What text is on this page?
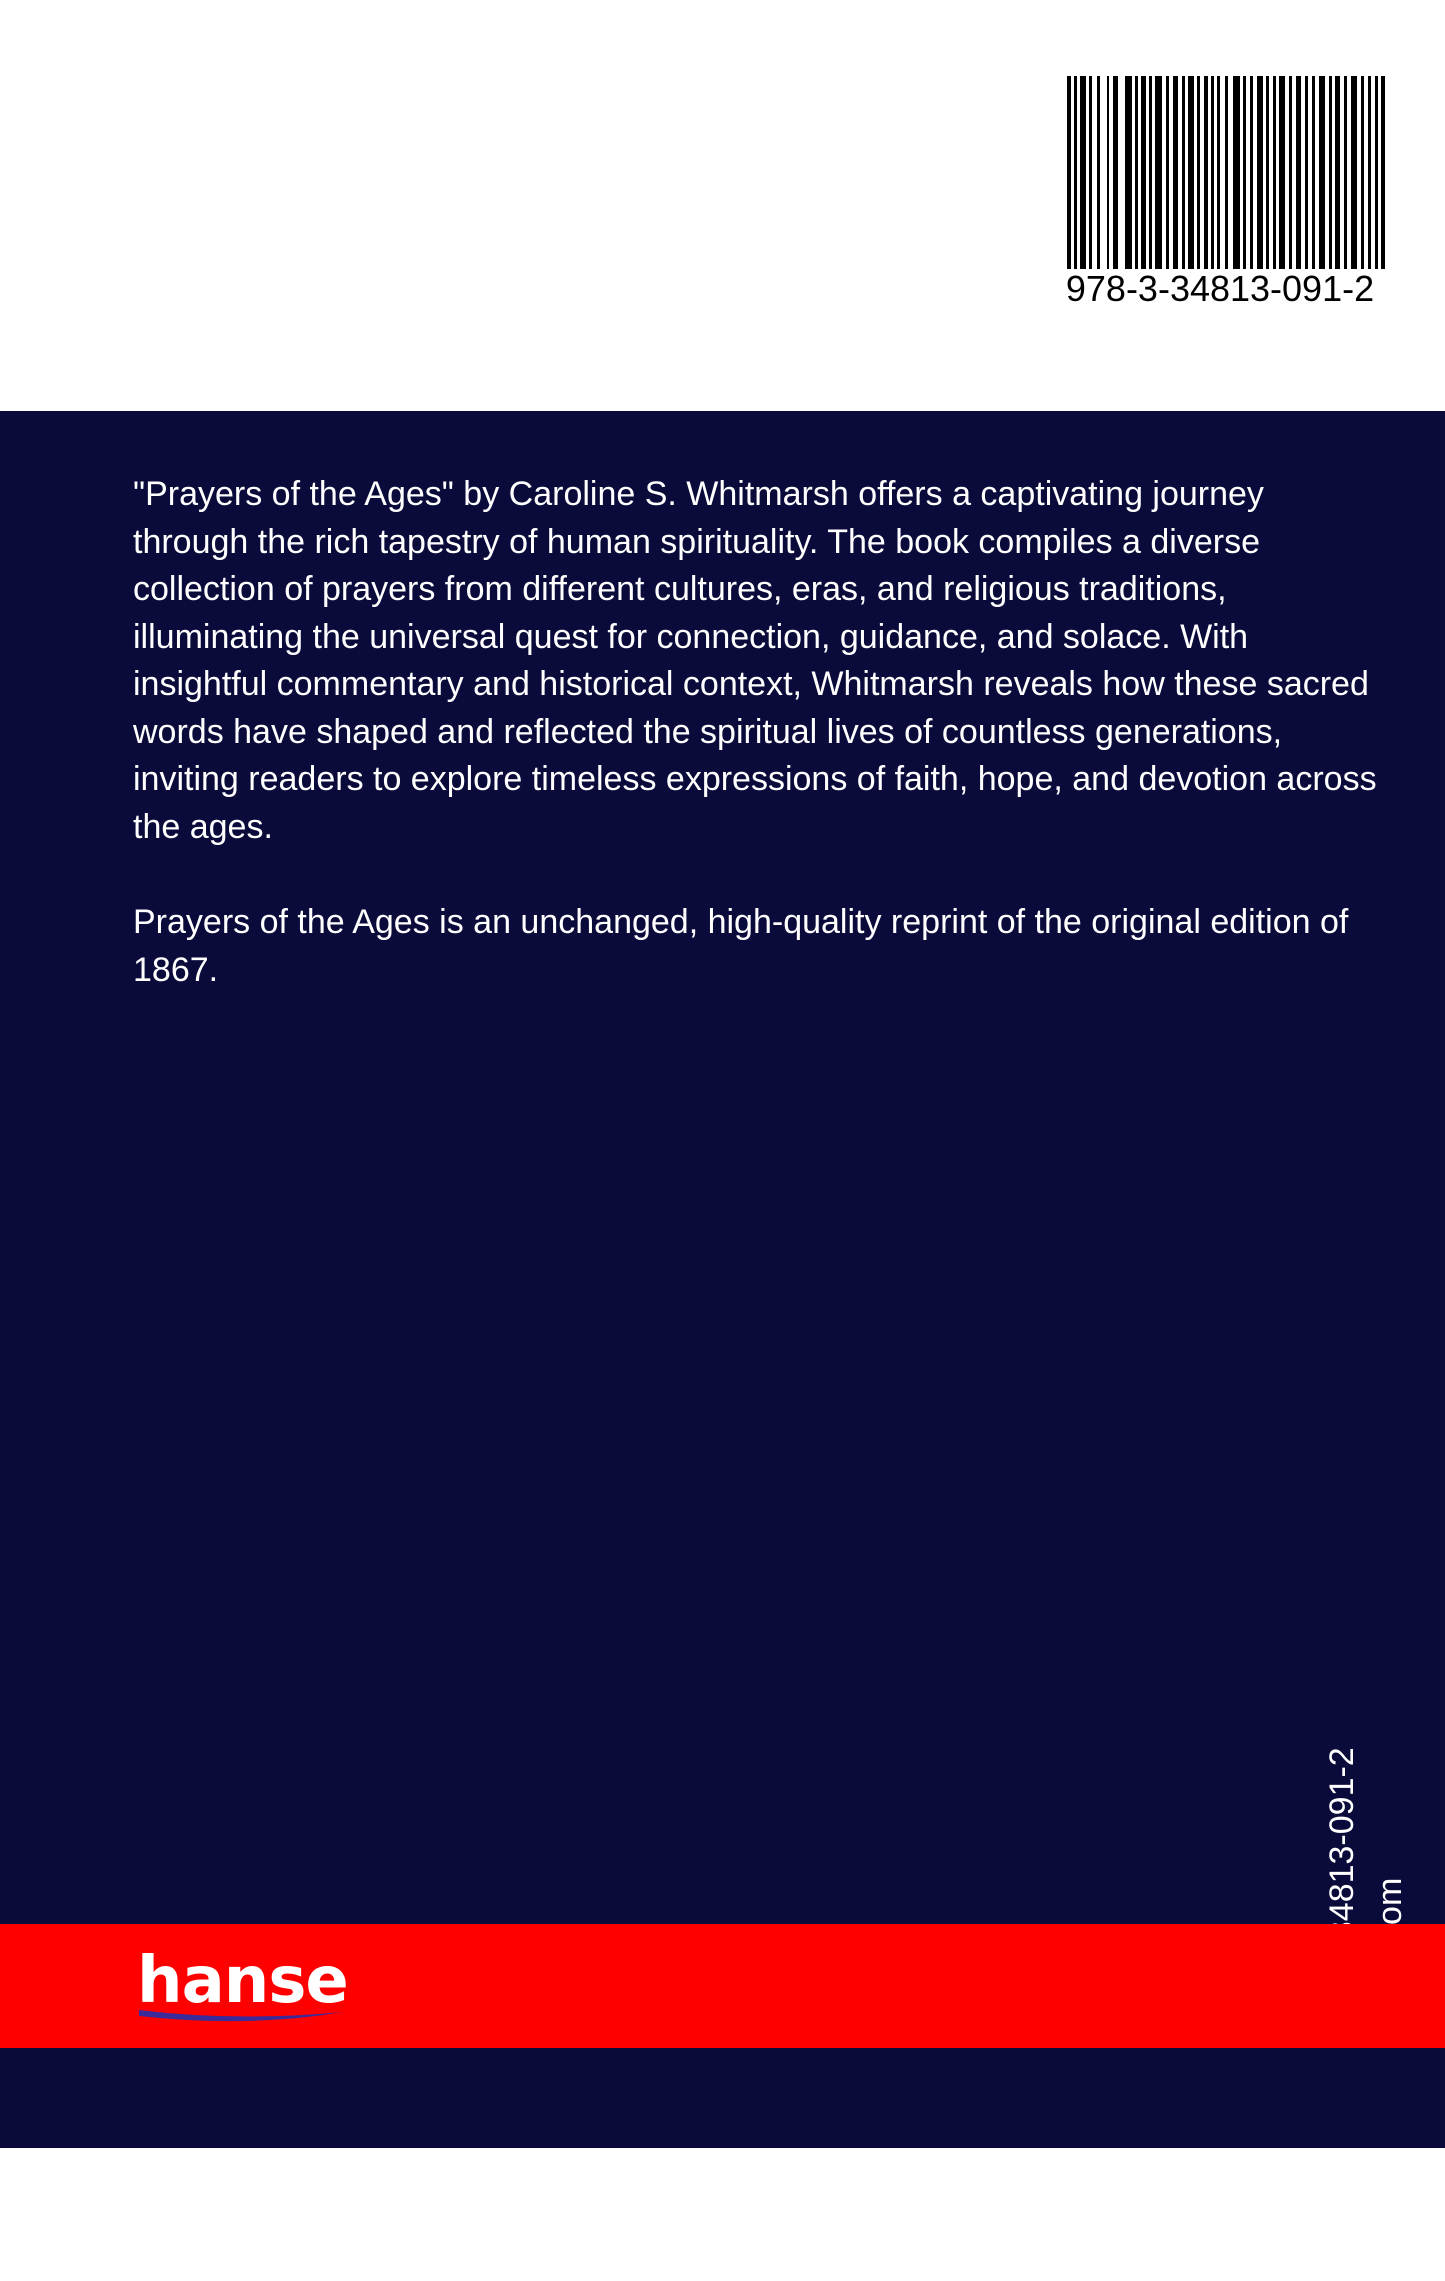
978-3-34813-091-2

"Prayers of the Ages" by Caroline S. Whitmarsh offers a captivating journey through the rich tapestry of human spirituality. The book compiles a diverse collection of prayers from different cultures, eras, and religious traditions, illuminating the universal quest for connection, guidance, and solace. With insightful commentary and historical context, Whitmarsh reveals how these sacred words have shaped and reflected the spiritual lives of countless generations, inviting readers to explore timeless expressions of faith, hope, and devotion across the ages.

Prayers of the Ages is an unchanged, high-quality reprint of the original edition of 1867.

hanse
